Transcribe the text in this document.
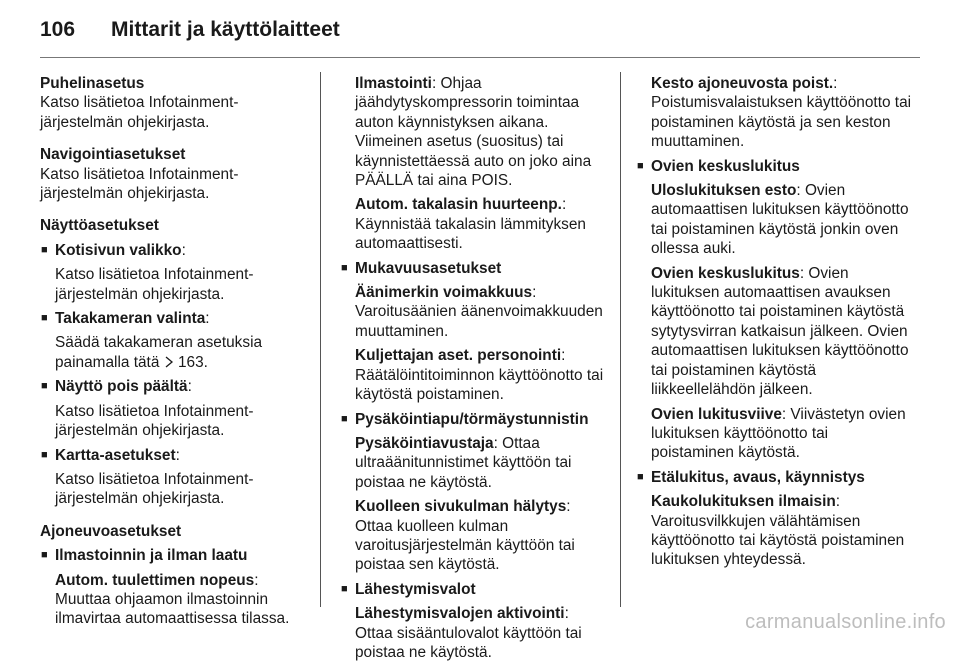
106 Mittarit ja käyttölaitteet
Puhelinasetus
Katso lisätietoa Infotainment-järjestelmän ohjekirjasta.
Navigointiasetukset
Katso lisätietoa Infotainment-järjestelmän ohjekirjasta.
Näyttöasetukset
■ Kotisivun valikko:
Katso lisätietoa Infotainment-järjestelmän ohjekirjasta.
■ Takakameran valinta:
Säädä takakameran asetuksia painamalla tätä 163.
■ Näyttö pois päältä:
Katso lisätietoa Infotainment-järjestelmän ohjekirjasta.
■ Kartta-asetukset:
Katso lisätietoa Infotainment-järjestelmän ohjekirjasta.
Ajoneuvoasetukset
■ Ilmastoinnin ja ilman laatu
Autom. tuulettimen nopeus: Muuttaa ohjaamon ilmastoinnin ilmavirtaa automaattisessa tilassa.
Ilmastointi: Ohjaa jäähdytyskompressorin toimintaa auton käynnistyksen aikana. Viimeinen asetus (suositus) tai käynnistettäessä auto on joko aina PÄÄLLÄ tai aina POIS.
Autom. takalasin huurteenp.: Käynnistää takalasin lämmityksen automaattisesti.
■ Mukavuusasetukset
Äänimerkin voimakkuus: Varoitusäänien äänenvoimakkuuden muuttaminen.
Kuljettajan aset. personointi: Räätälöintitoiminnon käyttöönotto tai käytöstä poistaminen.
■ Pysäköintiapu/törmäystunnistin
Pysäköintiavustaja: Ottaa ultraäänitunnistimet käyttöön tai poistaa ne käytöstä.
Kuolleen sivukulman hälytys: Ottaa kuolleen kulman varoitusjärjestelmän käyttöön tai poistaa sen käytöstä.
■ Lähestymisvalot
Lähestymisvalojen aktivointi: Ottaa sisääntulovalot käyttöön tai poistaa ne käytöstä.
Kesto ajoneuvosta poist.: Poistumisvalaistuksen käyttöönotto tai poistaminen käytöstä ja sen keston muuttaminen.
■ Ovien keskuslukitus
Uloslukituksen esto: Ovien automaattisen lukituksen käyttöönotto tai poistaminen käytöstä jonkin oven ollessa auki.
Ovien keskuslukitus: Ovien lukituksen automaattisen avauksen käyttöönotto tai poistaminen käytöstä sytytysvirran katkaisun jälkeen. Ovien automaattisen lukituksen käyttöönotto tai poistaminen käytöstä liikkeellelähdön jälkeen.
Ovien lukitusviive: Viivästetyn ovien lukituksen käyttöönotto tai poistaminen käytöstä.
■ Etälukitus, avaus, käynnistys
Kaukolukituksen ilmaisin: Varoitusvilkkujen välähtämisen käyttöönotto tai käytöstä poistaminen lukituksen yhteydessä.
carmanualsonline.info
